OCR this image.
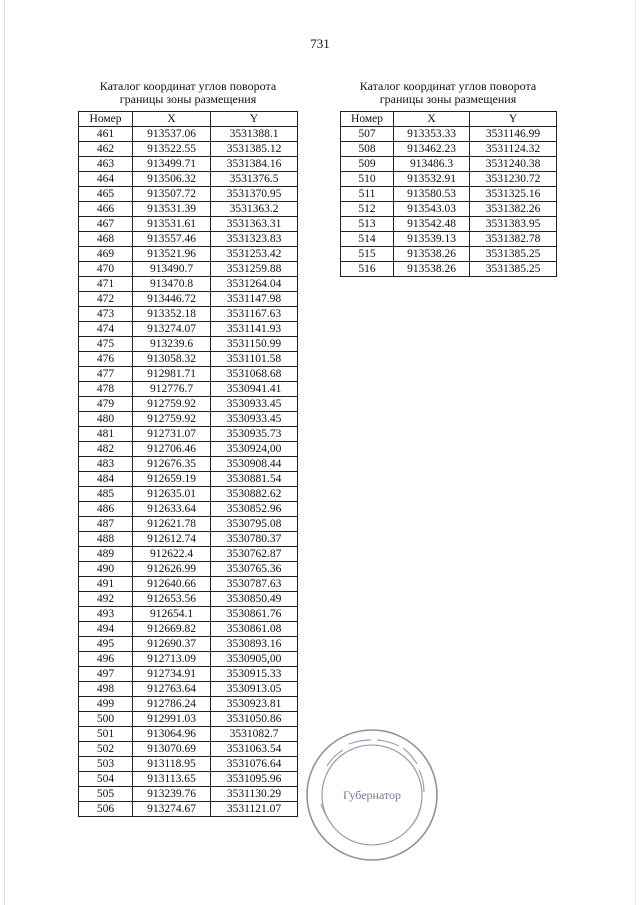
731
Каталог координат углов поворота
границы зоны размещения
Каталог координат углов поворота
границы зоны размещения
Номер	X	Y
461	913537.06	3531388.1
462	913522.55	3531385.12
463	913499.71	3531384.16
464	913506.32	3531376.5
465	913507.72	3531370.95
466	913531.39	3531363.2
467	913531.61	3531363.31
468	913557.46	3531323.83
469	913521.96	3531253.42
470	913490.7	3531259.88
471	913470.8	3531264.04
472	913446.72	3531147.98
473	913352.18	3531167.63
474	913274.07	3531141.93
475	913239.6	3531150.99
476	913058.32	3531101.58
477	912981.71	3531068.68
478	912776.7	3530941.41
479	912759.92	3530933.45
480	912759.92	3530933.45
481	912731.07	3530935.73
482	912706.46	3530924,00
483	912676.35	3530908.44
484	912659.19	3530881.54
485	912635.01	3530882.62
486	912633.64	3530852.96
487	912621.78	3530795.08
488	912612.74	3530780.37
489	912622.4	3530762.87
490	912626.99	3530765.36
491	912640.66	3530787.63
492	912653.56	3530850.49
493	912654.1	3530861.76
494	912669.82	3530861.08
495	912690.37	3530893.16
496	912713.09	3530905,00
497	912734.91	3530915.33
498	912763.64	3530913.05
499	912786.24	3530923.81
500	912991.03	3531050.86
501	913064.96	3531082.7
502	913070.69	3531063.54
503	913118.95	3531076.64
504	913113.65	3531095.96
505	913239.76	3531130.29
506	913274.67	3531121.07
Номер	X	Y
507	913353.33	3531146.99
508	913462.23	3531124.32
509	913486.3	3531240.38
510	913532.91	3531230.72
511	913580.53	3531325.16
512	913543.03	3531382.26
513	913542.48	3531383.95
514	913539.13	3531382.78
515	913538.26	3531385.25
516	913538.26	3531385.25
Губернатор
